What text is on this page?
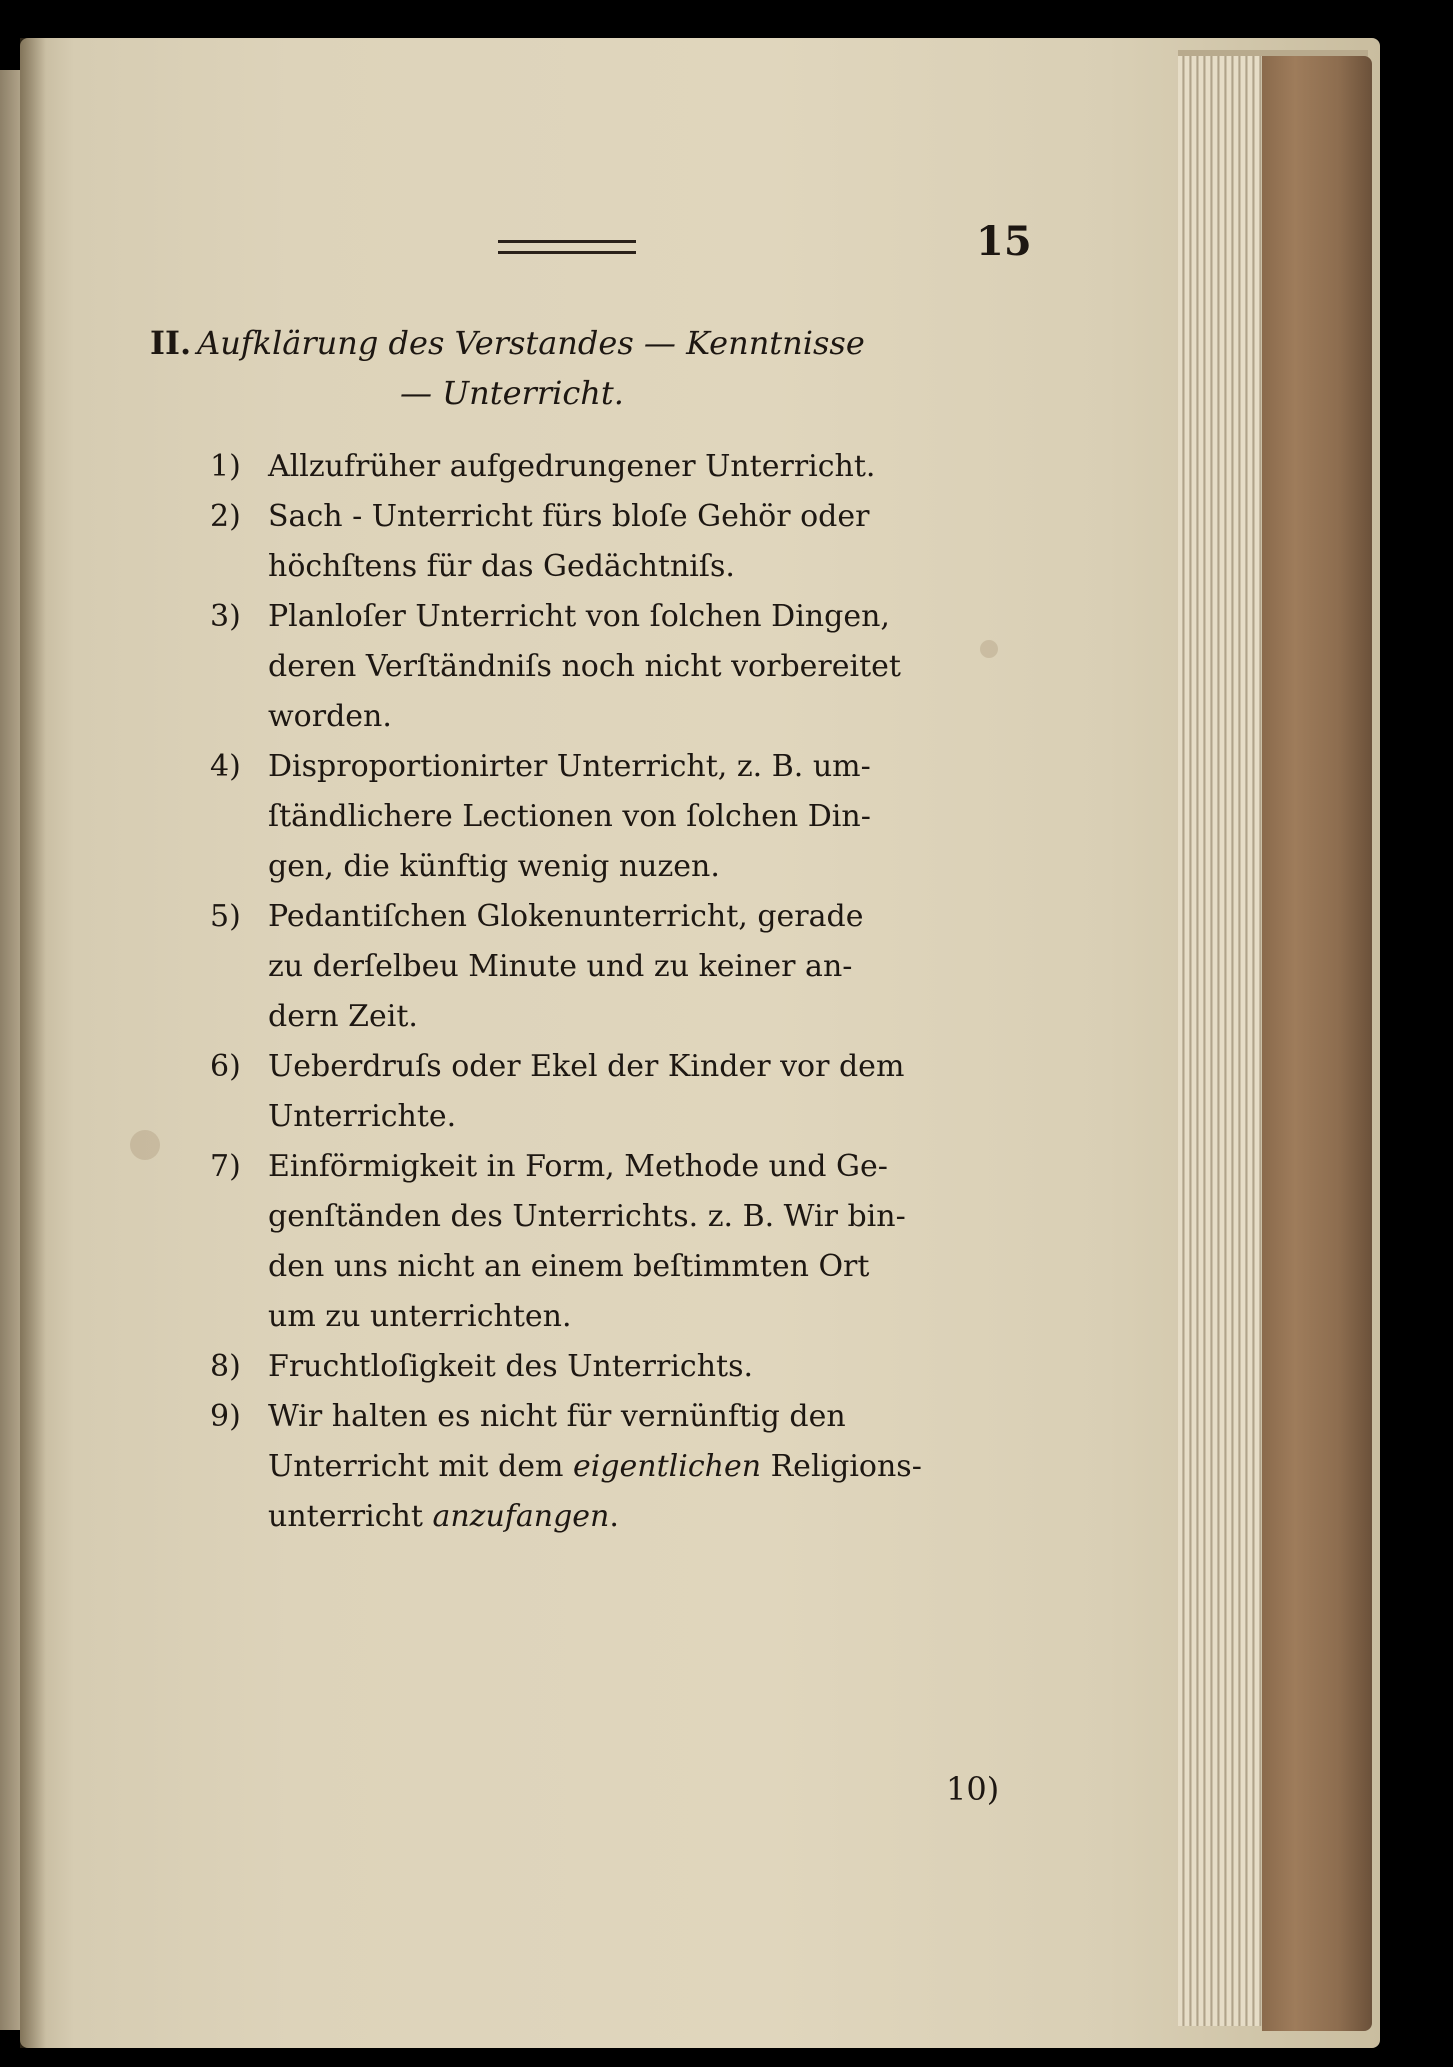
15
II. Aufklärung des Verstandes — Kenntnisse
— Unterricht.
1) Allzufrüher aufgedrungener Unterricht.
2) Sach - Unterricht fürs bloſe Gehör oder
höchſtens für das Gedächtniſs.
3) Planloſer Unterricht von ſolchen Dingen,
deren Verſtändniſs noch nicht vorbereitet
worden.
4) Disproportionirter Unterricht, z. B. um-
ſtändlichere Lectionen von ſolchen Din-
gen, die künftig wenig nuzen.
5) Pedantiſchen Glokenunterricht, gerade
zu derſelbeu Minute und zu keiner an-
dern Zeit.
6) Ueberdruſs oder Ekel der Kinder vor dem
Unterrichte.
7) Einförmigkeit in Form, Methode und Ge-
genſtänden des Unterrichts. z. B. Wir bin-
den uns nicht an einem beſtimmten Ort
um zu unterrichten.
8) Fruchtloſigkeit des Unterrichts.
9) Wir halten es nicht für vernünftig den
Unterricht mit dem eigentlichen Religions-
unterricht anzufangen.
10)
